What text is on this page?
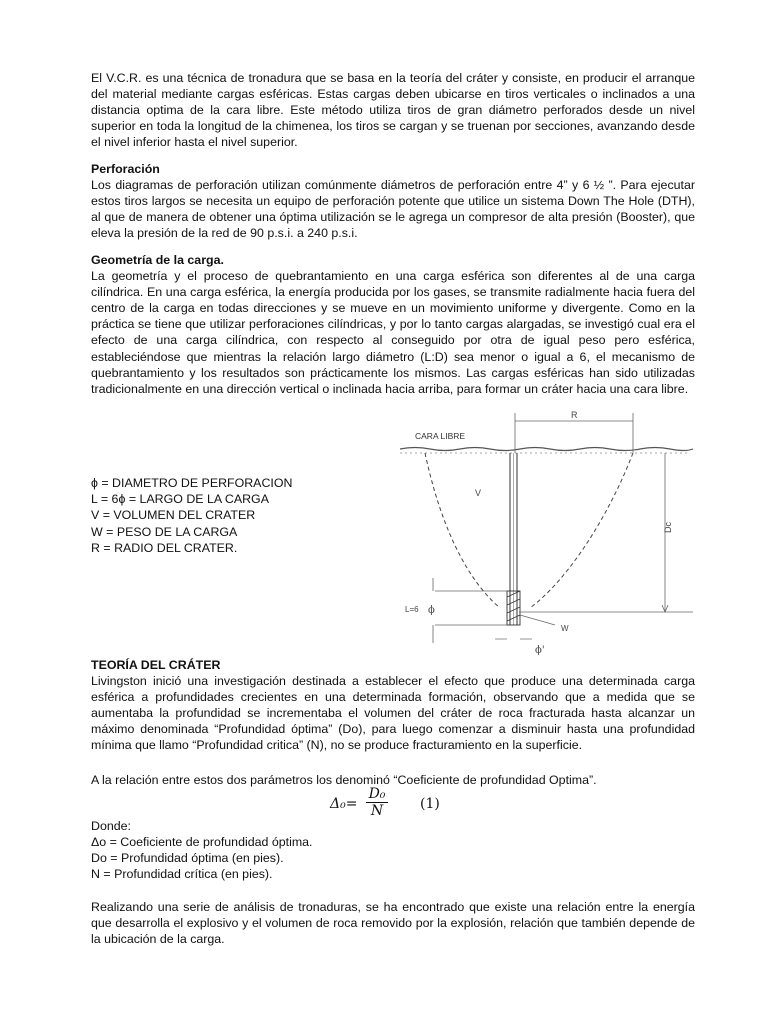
El V.C.R. es una técnica de tronadura que se basa en la teoría del cráter y consiste, en producir el arranque del material mediante cargas esféricas. Estas cargas deben ubicarse en tiros verticales o inclinados a una distancia optima de la cara libre. Este método utiliza tiros de gran diámetro perforados desde un nivel superior en toda la longitud de la chimenea, los tiros se cargan y se truenan por secciones, avanzando desde el nivel inferior hasta el nivel superior.

Perforación
Los diagramas de perforación utilizan comúnmente diámetros de perforación entre 4” y 6 ½ ”. Para ejecutar estos tiros largos se necesita un equipo de perforación potente que utilice un sistema Down The Hole (DTH), al que de manera de obtener una óptima utilización se le agrega un compresor de alta presión (Booster), que eleva la presión de la red de 90 p.s.i. a 240 p.s.i.

Geometría de la carga.
La geometría y el proceso de quebrantamiento en una carga esférica son diferentes al de una carga cilíndrica. En una carga esférica, la energía producida por los gases, se transmite radialmente hacia fuera del centro de la carga en todas direcciones y se mueve en un movimiento uniforme y divergente. Como en la práctica se tiene que utilizar perforaciones cilíndricas, y por lo tanto cargas alargadas, se investigó cual era el efecto de una carga cilíndrica, con respecto al conseguido por otra de igual peso pero esférica, estableciéndose que mientras la relación largo diámetro (L:D) sea menor o igual a 6, el mecanismo de quebrantamiento y los resultados son prácticamente los mismos. Las cargas esféricas han sido utilizadas tradicionalmente en una dirección vertical o inclinada hacia arriba, para formar un cráter hacia una cara libre.

ϕ = DIAMETRO DE PERFORACION
L = 6ϕ = LARGO DE LA CARGA
V = VOLUMEN DEL CRATER
W = PESO DE LA CARGA
R = RADIO DEL CRATER.
CARA LIBRE
R
V
Dc
L=6 ϕ
W
ϕ'

TEORÍA DEL CRÁTER
Livingston inició una investigación destinada a establecer el efecto que produce una determinada carga esférica a profundidades crecientes en una determinada formación, observando que a medida que se aumentaba la profundidad se incrementaba el volumen del cráter de roca fracturada hasta alcanzar un máximo denominada “Profundidad óptima” (Do), para luego comenzar a disminuir hasta una profundidad mínima que llamo “Profundidad critica” (N), no se produce fracturamiento en la superficie.

A la relación entre estos dos parámetros los denominó “Coeficiente de profundidad Optima”.

$\Delta_0= \frac{\text{D₀}}{N} (1)$

Donde:
Δo = Coeficiente de profundidad óptima.
Do = Profundidad óptima (en pies).
N = Profundidad crítica (en pies).

Realizando una serie de análisis de tronaduras, se ha encontrado que existe una relación entre la energía que desarrolla el explosivo y el volumen de roca removido por la explosión, relación que también depende de la ubicación de la carga.
